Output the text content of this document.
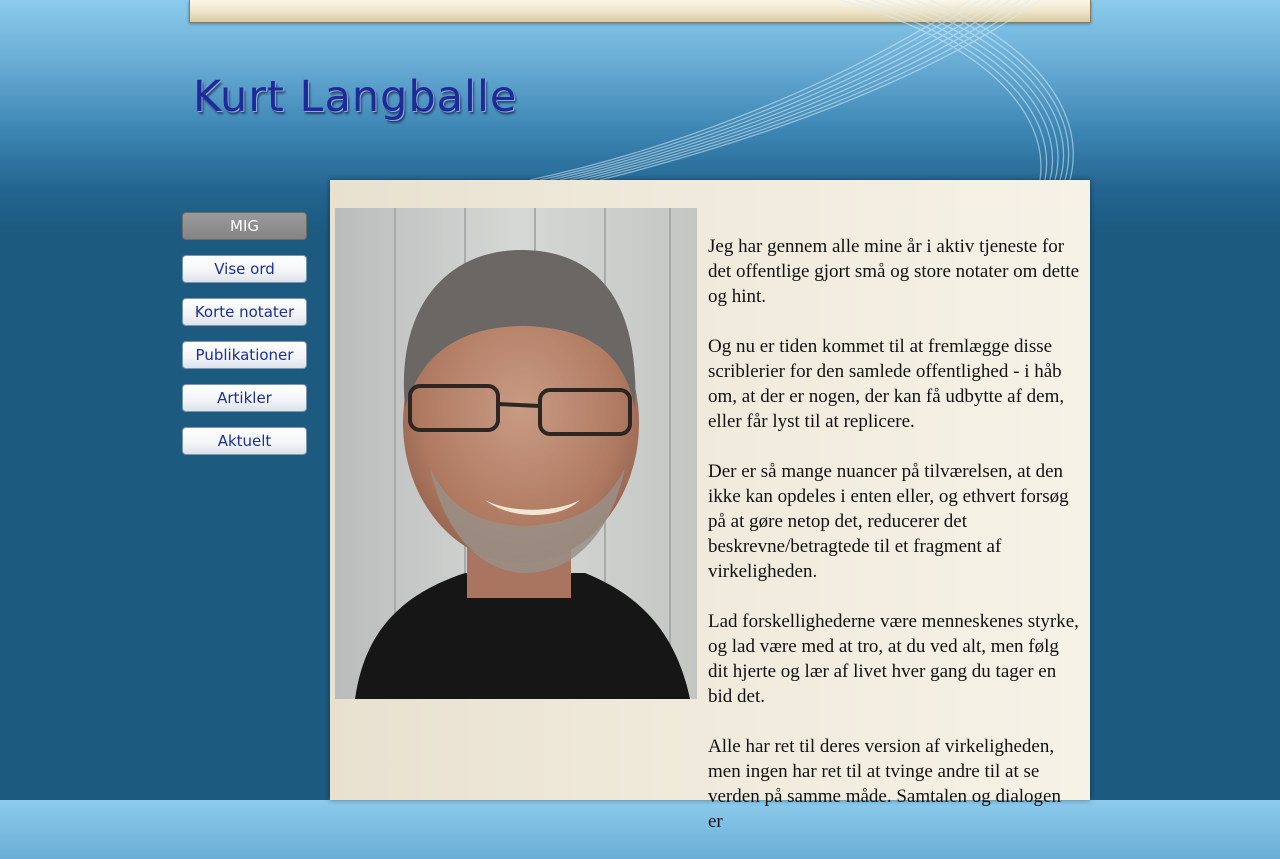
Kurt Langballe
MIG
Vise ord
Korte notater
Publikationer
Artikler
Aktuelt

Jeg har gennem alle mine år i aktiv tjeneste for det offentlige gjort små og store notater om dette og hint.

Og nu er tiden kommet til at fremlægge disse scriblerier for den samlede offentlighed - i håb om, at der er nogen, der kan få udbytte af dem, eller får lyst til at replicere.

Der er så mange nuancer på tilværelsen, at den ikke kan opdeles i enten eller, og ethvert forsøg på at gøre netop det, reducerer det beskrevne/betragtede til et fragment af virkeligheden.

Lad forskellighederne være menneskenes styrke, og lad være med at tro, at du ved alt, men følg dit hjerte og lær af livet hver gang du tager en bid det.

Alle har ret til deres version af virkeligheden, men ingen har ret til at tvinge andre til at se verden på samme måde. Samtalen og dialogen er
